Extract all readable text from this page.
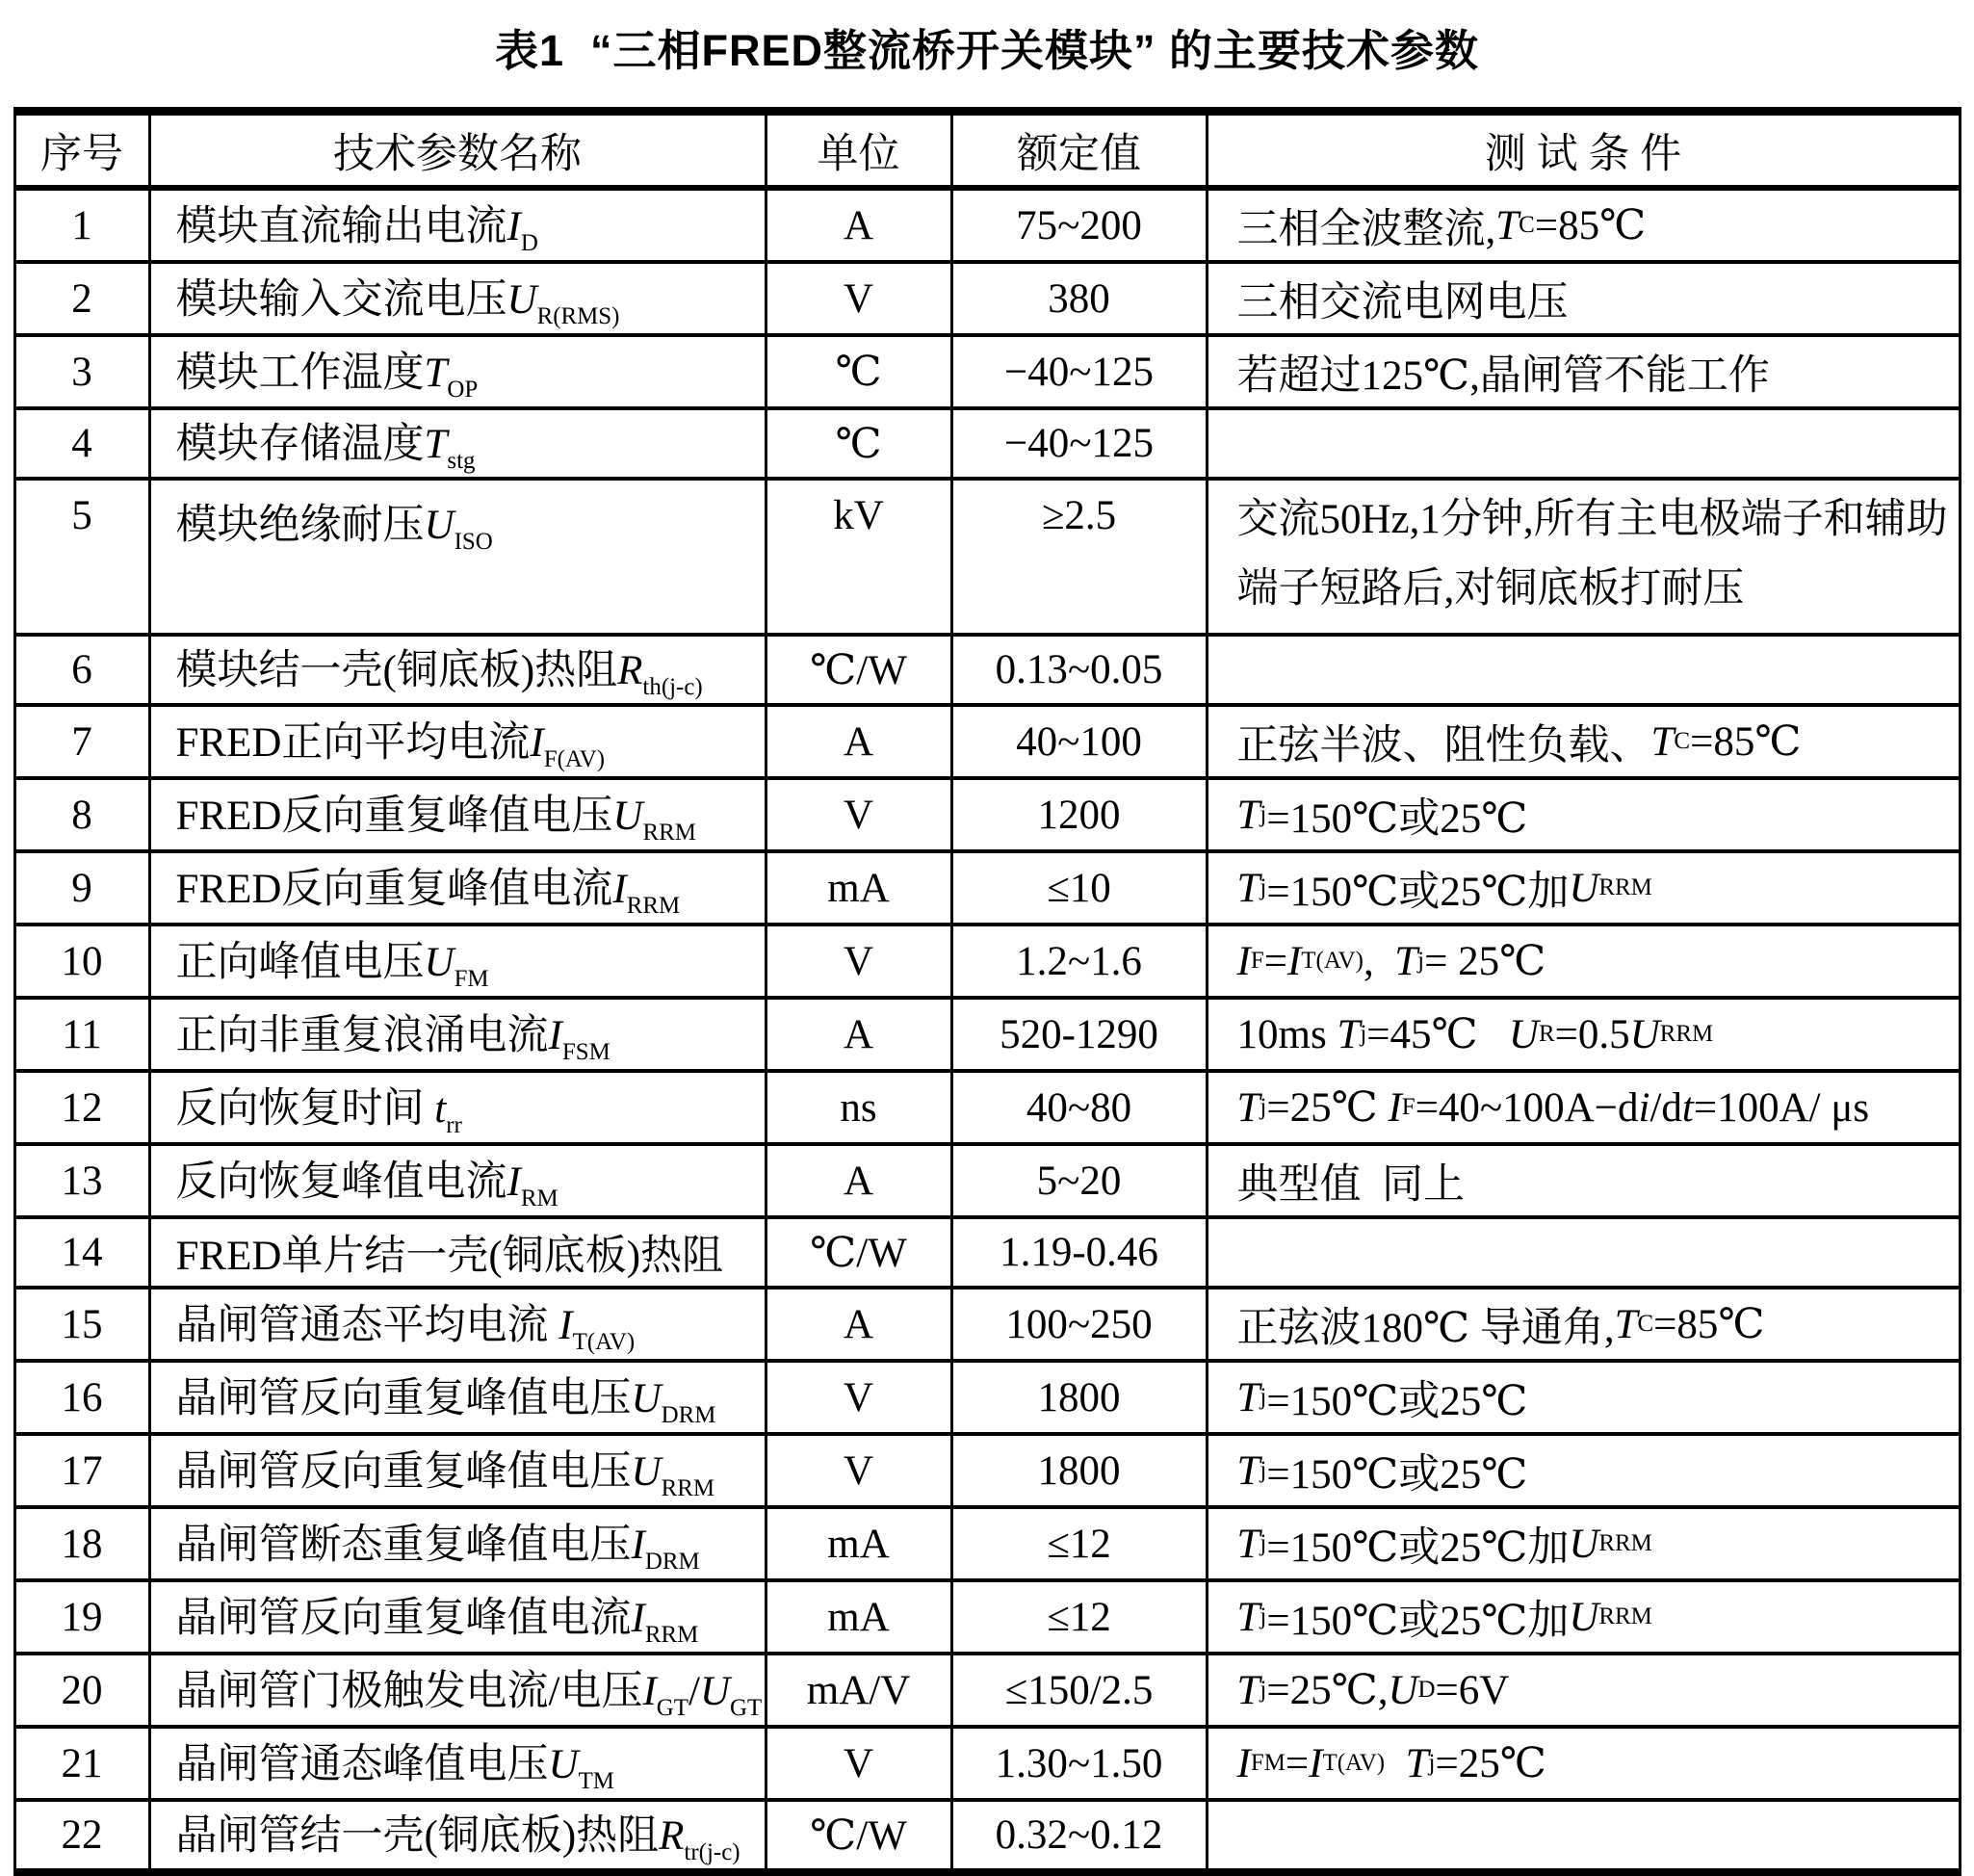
表1  “三相FRED整流桥开关模块” 的主要技术参数
序号	技术参数名称	单位	额定值	测 试 条 件
1	模块直流输出电流$I_D$	A	75~200	三相全波整流, T C =85℃

2	模块输入交流电压$U_{R(RMS)}$	V	380	三相交流电网电压

3	模块工作温度$T_{OP}$	℃	−40~125	若超过125℃,晶闸管不能工作

4	模块存储温度$T_{stg}$	℃	−40~125	
5	模块绝缘耐压$U_{ISO}$	kV	≥2.5	交流50Hz,1分钟,所有主电极端子和辅助
端子短路后,对铜底板打耐压

6	模块结一壳(铜底板)热阻$R_{th(j-c)}$	℃/W	0.13~0.05	
7	FRED正向平均电流$I_{F(AV)}$	A	40~100	正弦半波、阻性负载、 T C =85℃

8	FRED反向重复峰值电压$U_{RRM}$	V	1200	T j =150℃或25℃

9	FRED反向重复峰值电流$I_{RRM}$	mA	≤10	T j =150℃或25℃加 U RRM

10	正向峰值电压$U_{FM}$	V	1.2~1.6	I F = I T(AV) , T j = 25℃

11	正向非重复浪涌电流$I_{FSM}$	A	520-1290	10ms T j =45℃ U R =0.5 U RRM

12	反向恢复时间 $t_{rr}$	ns	40~80	T j =25℃ I F =40~100A−d i /d t =100A/ μs

13	反向恢复峰值电流$I_{RM}$	A	5~20	典型值  同上

14	FRED单片结一壳(铜底板)热阻	℃/W	1.19-0.46	
15	晶闸管通态平均电流 $I_{T(AV)}$	A	100~250	正弦波180℃ 导通角, T C =85℃

16	晶闸管反向重复峰值电压$U_{DRM}$	V	1800	T j =150℃或25℃

17	晶闸管反向重复峰值电压$U_{RRM}$	V	1800	T j =150℃或25℃

18	晶闸管断态重复峰值电压$I_{DRM}$	mA	≤12	T j =150℃或25℃加 U RRM

19	晶闸管反向重复峰值电流$I_{RRM}$	mA	≤12	T j =150℃或25℃加 U RRM

20	晶闸管门极触发电流/电压$I_{GT}/U_{GT}$	mA/V	≤150/2.5	T j =25℃, U D =6V

21	晶闸管通态峰值电压$U_{TM}$	V	1.30~1.50	I FM = I T(AV)
T j =25℃

22	晶闸管结一壳(铜底板)热阻$R_{tr(j-c)}$	℃/W	0.32~0.12	
